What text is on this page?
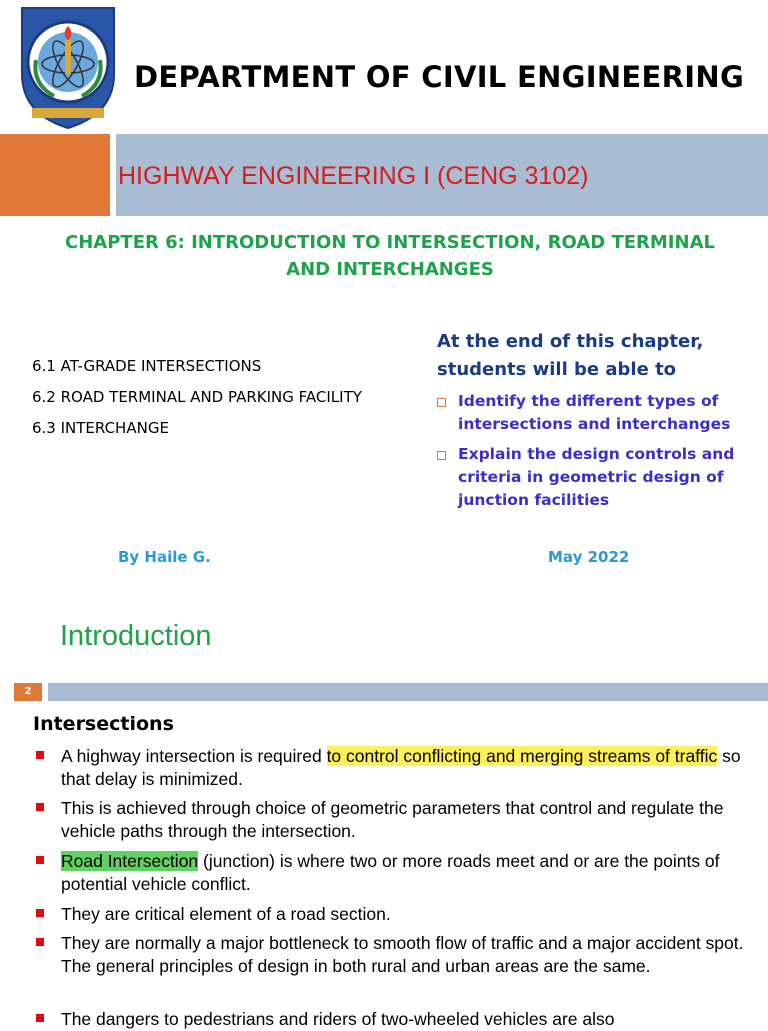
DEPARTMENT OF CIVIL ENGINEERING
HIGHWAY ENGINEERING I (CENG 3102)
CHAPTER 6: INTRODUCTION TO INTERSECTION, ROAD TERMINAL
AND INTERCHANGES
6.1 AT-GRADE INTERSECTIONS
6.2 ROAD TERMINAL AND PARKING FACILITY
6.3 INTERCHANGE
At the end of this chapter,
students will be able to
Identify the different types of intersections and interchanges
Explain the design controls and criteria in geometric design of junction facilities
By Haile G.	May 2022
Introduction
2
Intersections
A highway intersection is required to control conflicting and merging streams of traffic so that delay is minimized.
This is achieved through choice of geometric parameters that control and regulate the vehicle paths through the intersection.
Road Intersection (junction) is where two or more roads meet and or are the points of potential vehicle conflict.
They are critical element of a road section.
They are normally a major bottleneck to smooth flow of traffic and a major accident spot. The general principles of design in both rural and urban areas are the same.
The dangers to pedestrians and riders of two-wheeled vehicles are also
